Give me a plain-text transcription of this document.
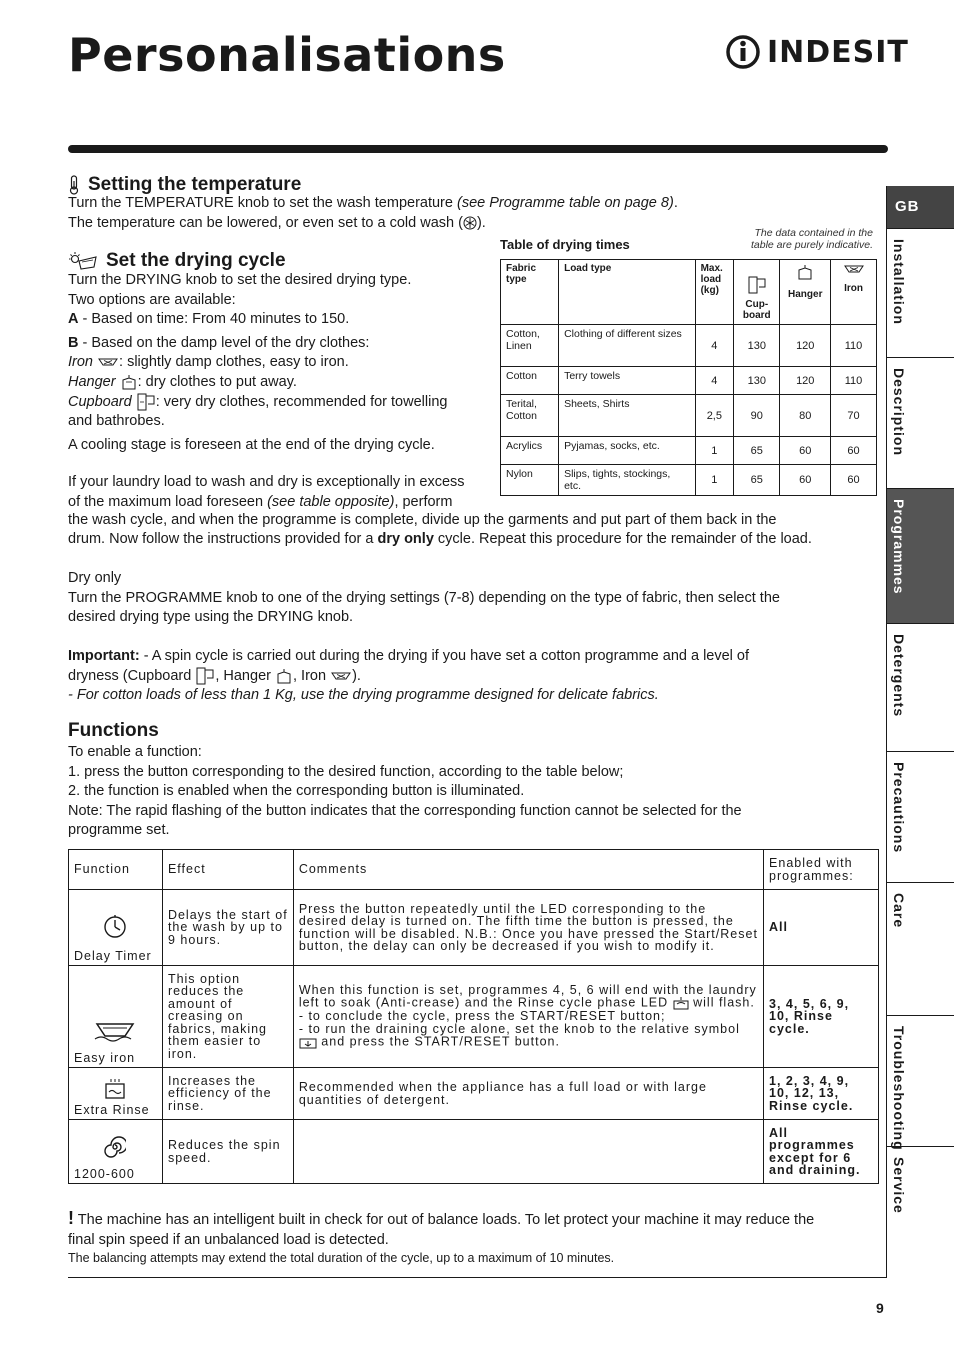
Personalisations	INDESIT
GB
Installation
Description
Programmes
Detergents
Precautions
Care
Troubleshooting
Service
Setting the temperature

Turn the TEMPERATURE knob to set the wash temperature (see Programme table on page 8).

The temperature can be lowered, or even set to a cold wash ( ).

Set the drying cycle

Turn the DRYING knob to set the desired drying type.

Two options are available:

A - Based on time: From 40 minutes to 150.

B - Based on the damp level of the dry clothes:

Iron : slightly damp clothes, easy to iron.

Hanger : dry clothes to put away.

Cupboard : very dry clothes, recommended for towelling

and bathrobes.

A cooling stage is foreseen at the end of the drying cycle.

If your laundry load to wash and dry is exceptionally in excess

of the maximum load foreseen (see table opposite), perform

the wash cycle, and when the programme is complete, divide up the garments and put part of them back in the

drum. Now follow the instructions provided for a dry only cycle. Repeat this procedure for the remainder of the load.

Table of drying times
The data contained in the table are purely indicative.
Fabric type	Load type	Max. load (kg)	Cup- board	Hanger	Iron
Cotton, Linen	Clothing of different sizes	4	130	120	110
Cotton	Terry towels	4	130	120	110
Terital, Cotton	Sheets, Shirts	2,5	90	80	70
Acrylics	Pyjamas, socks, etc.	1	65	60	60
Nylon	Slips, tights, stockings, etc.	1	65	60	60

Dry only

Turn the PROGRAMME knob to one of the drying settings (7-8) depending on the type of fabric, then select the

desired drying type using the DRYING knob.

Important: - A spin cycle is carried out during the drying if you have set a cotton programme and a level of

dryness (Cupboard , Hanger , Iron ).

- For cotton loads of less than 1 Kg, use the drying programme designed for delicate fabrics.

Functions

To enable a function:

1. press the button corresponding to the desired function, according to the table below;

2. the function is enabled when the corresponding button is illuminated.

Note: The rapid flashing of the button indicates that the corresponding function cannot be selected for the

programme set.

Function	Effect	Comments	Enabled with programmes:

Delay Timer	Delays the start of the wash by up to 9 hours.	Press the button repeatedly until the LED corresponding to the desired delay is turned on. The fifth time the button is pressed, the function will be disabled. N.B.: Once you have pressed the Start/Reset button, the delay can only be decreased if you wish to modify it.	All

Easy iron	This option reduces the amount of creasing on fabrics, making them easier to iron.	When this function is set, programmes 4, 5, 6 will end with the laundry left to soak (Anti-crease) and the Rinse cycle phase LED  will flash.
- to conclude the cycle, press the START/RESET button;
- to run the draining cycle alone, set the knob to the relative symbol  and press the START/RESET button.	3, 4, 5, 6, 9, 10, Rinse cycle.

Extra Rinse	Increases the efficiency of the rinse.	Recommended when the appliance has a full load or with large quantities of detergent.	1, 2, 3, 4, 9, 10, 12, 13, Rinse cycle.

1200-600	Reduces the spin speed.		All programmes except for 6 and draining.

! The machine has an intelligent built in check for out of balance loads. To let protect your machine it may reduce the

final spin speed if an unbalanced load is detected.

The balancing attempts may extend the total duration of the cycle, up to a maximum of 10 minutes.

9
